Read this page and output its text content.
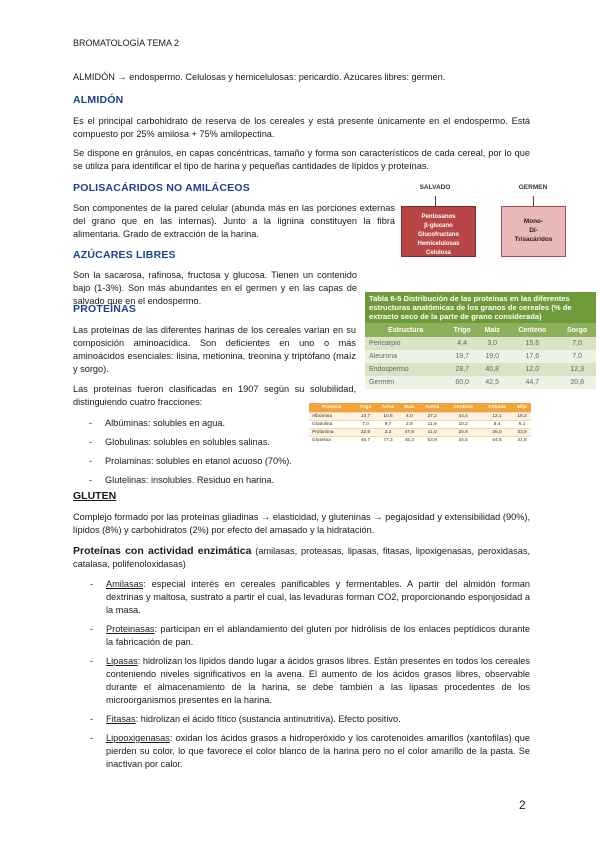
BROMATOLOGÍA TEMA 2
ALMIDÓN → endospermo. Celulosas y hemicelulosas: pericardio. Azúcares libres: germen.
ALMIDÓN
Es el principal carbohidrato de reserva de los cereales y está presente únicamente en el endospermo. Está compuesto por 25% amilosa + 75% amilopectina.
Se dispone en gránulos, en capas concéntricas, tamaño y forma son característicos de cada cereal, por lo que se utiliza para identificar el tipo de harina y pequeñas cantidades de lípidos y proteínas.
POLISACÁRIDOS NO AMILÁCEOS
Son componentes de la pared celular (abunda más en las porciones externas del grano que en las internas). Junto a la lignina constituyen la fibra alimentaria. Grado de extracción de la harina.
SALVADO	GERMEN
Pentosanos
β-glucano
Glucofructano
Hemicelulosas
Celulosa
Mono-
Di-
Trisacáridos
AZÚCARES LIBRES
Son la sacarosa, rafinosa, fructosa y glucosa. Tienen un contenido bajo (1-3%). Son más abundantes en el germen y en las capas de salvado que en el endospermo.
PROTEÍNAS
Las proteínas de las diferentes harinas de los cereales varían en su composición aminoacídica. Son deficientes en uno o más aminoácidos esenciales: lisina, metionina, treonina y triptófano (maíz y sorgo).
Las proteínas fueron clasificadas en 1907 según su solubilidad, distinguiendo cuatro fracciones:
-	Albúminas: solubles en agua.
-	Globulinas: solubles en solubles salinas.
-	Prolaminas: solubles en etanol acuoso (70%).
-	Glutelinas: insolubles. Residuo en harina.
Tabla 6-5 Distribución de las proteínas en las diferentes estructuras anatómicas de los granos de cereales (% de extracto seco de la parte de grano considerada)
Estructura	Trigo	Maíz	Centeno	Sorgo
Pericarpio	4,4	3,0	15,6	7,0
Aleurona	19,7	19,0	17,6	7,0
Endospermo	28,7	40,8	12,0	12,3
Germen	60,0	42,5	44,7	20,8
Proteína	Trigo	Arroz	Maíz	Avena	Centeno	Cebada	Mijo
Albúmina	14,7	10,8	4,0	27,2	44,4	12,1	18,2
Globulina	7,0	9,7	2,8	11,9	10,2	8,4	6,1
Prolamina	32,6	2,2	47,9	11,0	20,9	25,0	33,9
Glutelina	45,7	77,3	45,3	53,9	24,5	54,5	41,8
GLUTEN
Complejo formado por las proteínas gliadinas → elasticidad, y gluteninas → pegajosidad y extensibilidad (90%), lípidos (8%) y carbohidratos (2%) por efecto del amasado y la hidratación.
Proteínas con actividad enzimática (amilasas, proteasas, lipasas, fitasas, lipoxigenasas, peroxidasas, catalasa, polifenoloxidasas)
-	Amilasas: especial interés en cereales panificables y fermentables. A partir del almidón forman dextrinas y maltosa, sustrato a partir el cual, las levaduras forman CO2, proporcionando esponjosidad a la masa.
-	Proteinasas: participan en el ablandamiento del gluten por hidrólisis de los enlaces peptídicos durante la fabricación de pan.
-	Lipasas: hidrolizan los lípidos dando lugar a ácidos grasos libres. Están presentes en todos los cereales conteniendo niveles significativos en la avena. El aumento de los ácidos grasos libres, observable durante el almacenamiento de la harina, se debe también a las lipasas procedentes de los microorganismos presentes en la harina.
-	Fitasas: hidrolizan el ácido fítico (sustancia antinutritiva). Efecto positivo.
-	Lipooxigenasas: oxidan los ácidos grasos a hidroperóxido y los carotenoides amarillos (xantofilas) que pierden su color, lo que favorece el color blanco de la harina pero no el color amarillo de la pasta. Se inactivan por calor.
2
